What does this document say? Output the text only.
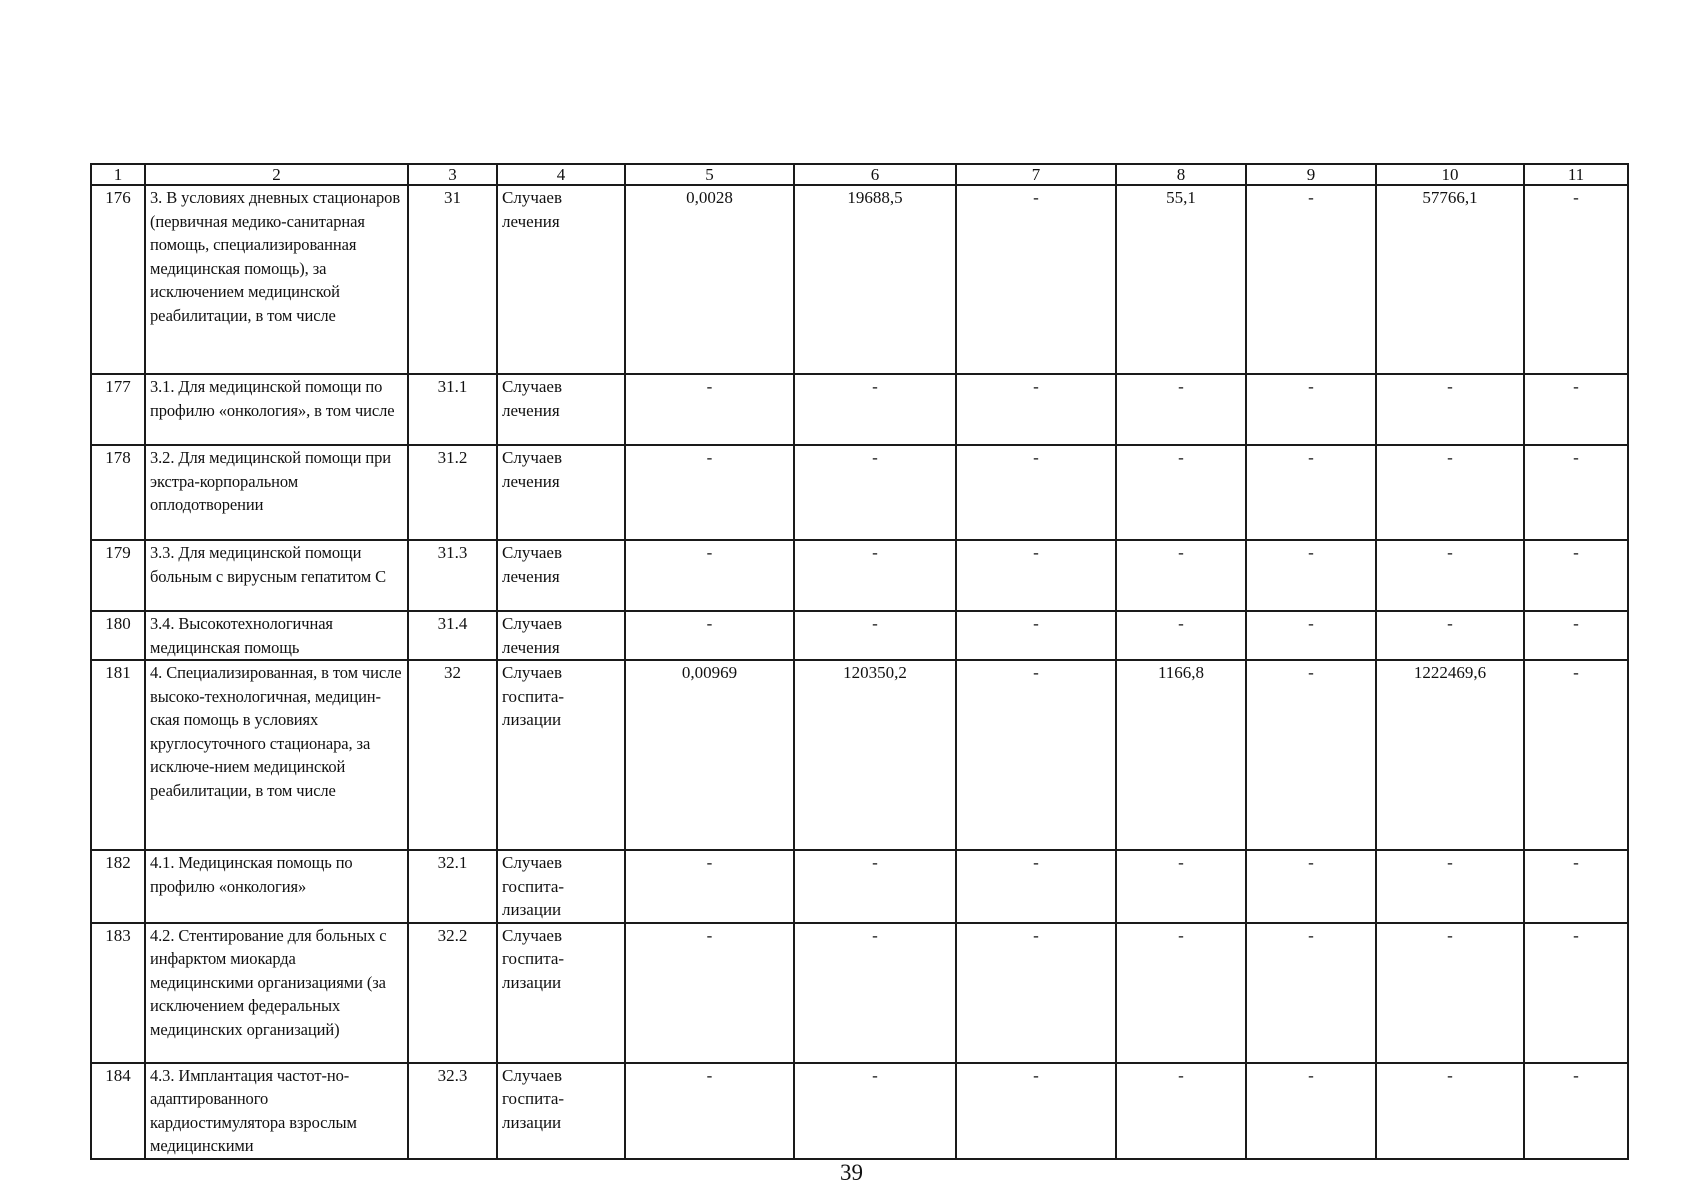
1	2	3	4	5	6	7	8	9	10	11
176	3. В условиях дневных стационаров (первичная медико-санитарная помощь, специализированная медицинская помощь), за исключением медицинской реабилитации, в том числе	31	Случаев лечения	0,0028	19688,5	-	55,1	-	57766,1	-
177	3.1. Для медицинской помощи по профилю «онкология», в том числе	31.1	Случаев лечения	-	-	-	-	-	-	-
178	3.2. Для медицинской помощи при экстра-корпоральном оплодотворении	31.2	Случаев лечения	-	-	-	-	-	-	-
179	3.3. Для медицинской помощи больным с вирусным гепатитом С	31.3	Случаев лечения	-	-	-	-	-	-	-
180	3.4. Высокотехнологичная медицинская помощь	31.4	Случаев лечения	-	-	-	-	-	-	-
181	4. Специализированная, в том числе высоко-технологичная, медицин-ская помощь в условиях круглосуточного стационара, за исключе-нием медицинской реабилитации, в том числе	32	Случаев госпита-лизации	0,00969	120350,2	-	1166,8	-	1222469,6	-
182	4.1. Медицинская помощь по профилю «онкология»	32.1	Случаев госпита-лизации	-	-	-	-	-	-	-
183	4.2. Стентирование для больных с инфарктом миокарда медицинскими организациями (за исключением федеральных медицинских организаций)	32.2	Случаев госпита-лизации	-	-	-	-	-	-	-
184	4.3. Имплантация частот-но-адаптированного кардиостимулятора взрослым медицинскими	32.3	Случаев госпита-лизации	-	-	-	-	-	-	-
39
